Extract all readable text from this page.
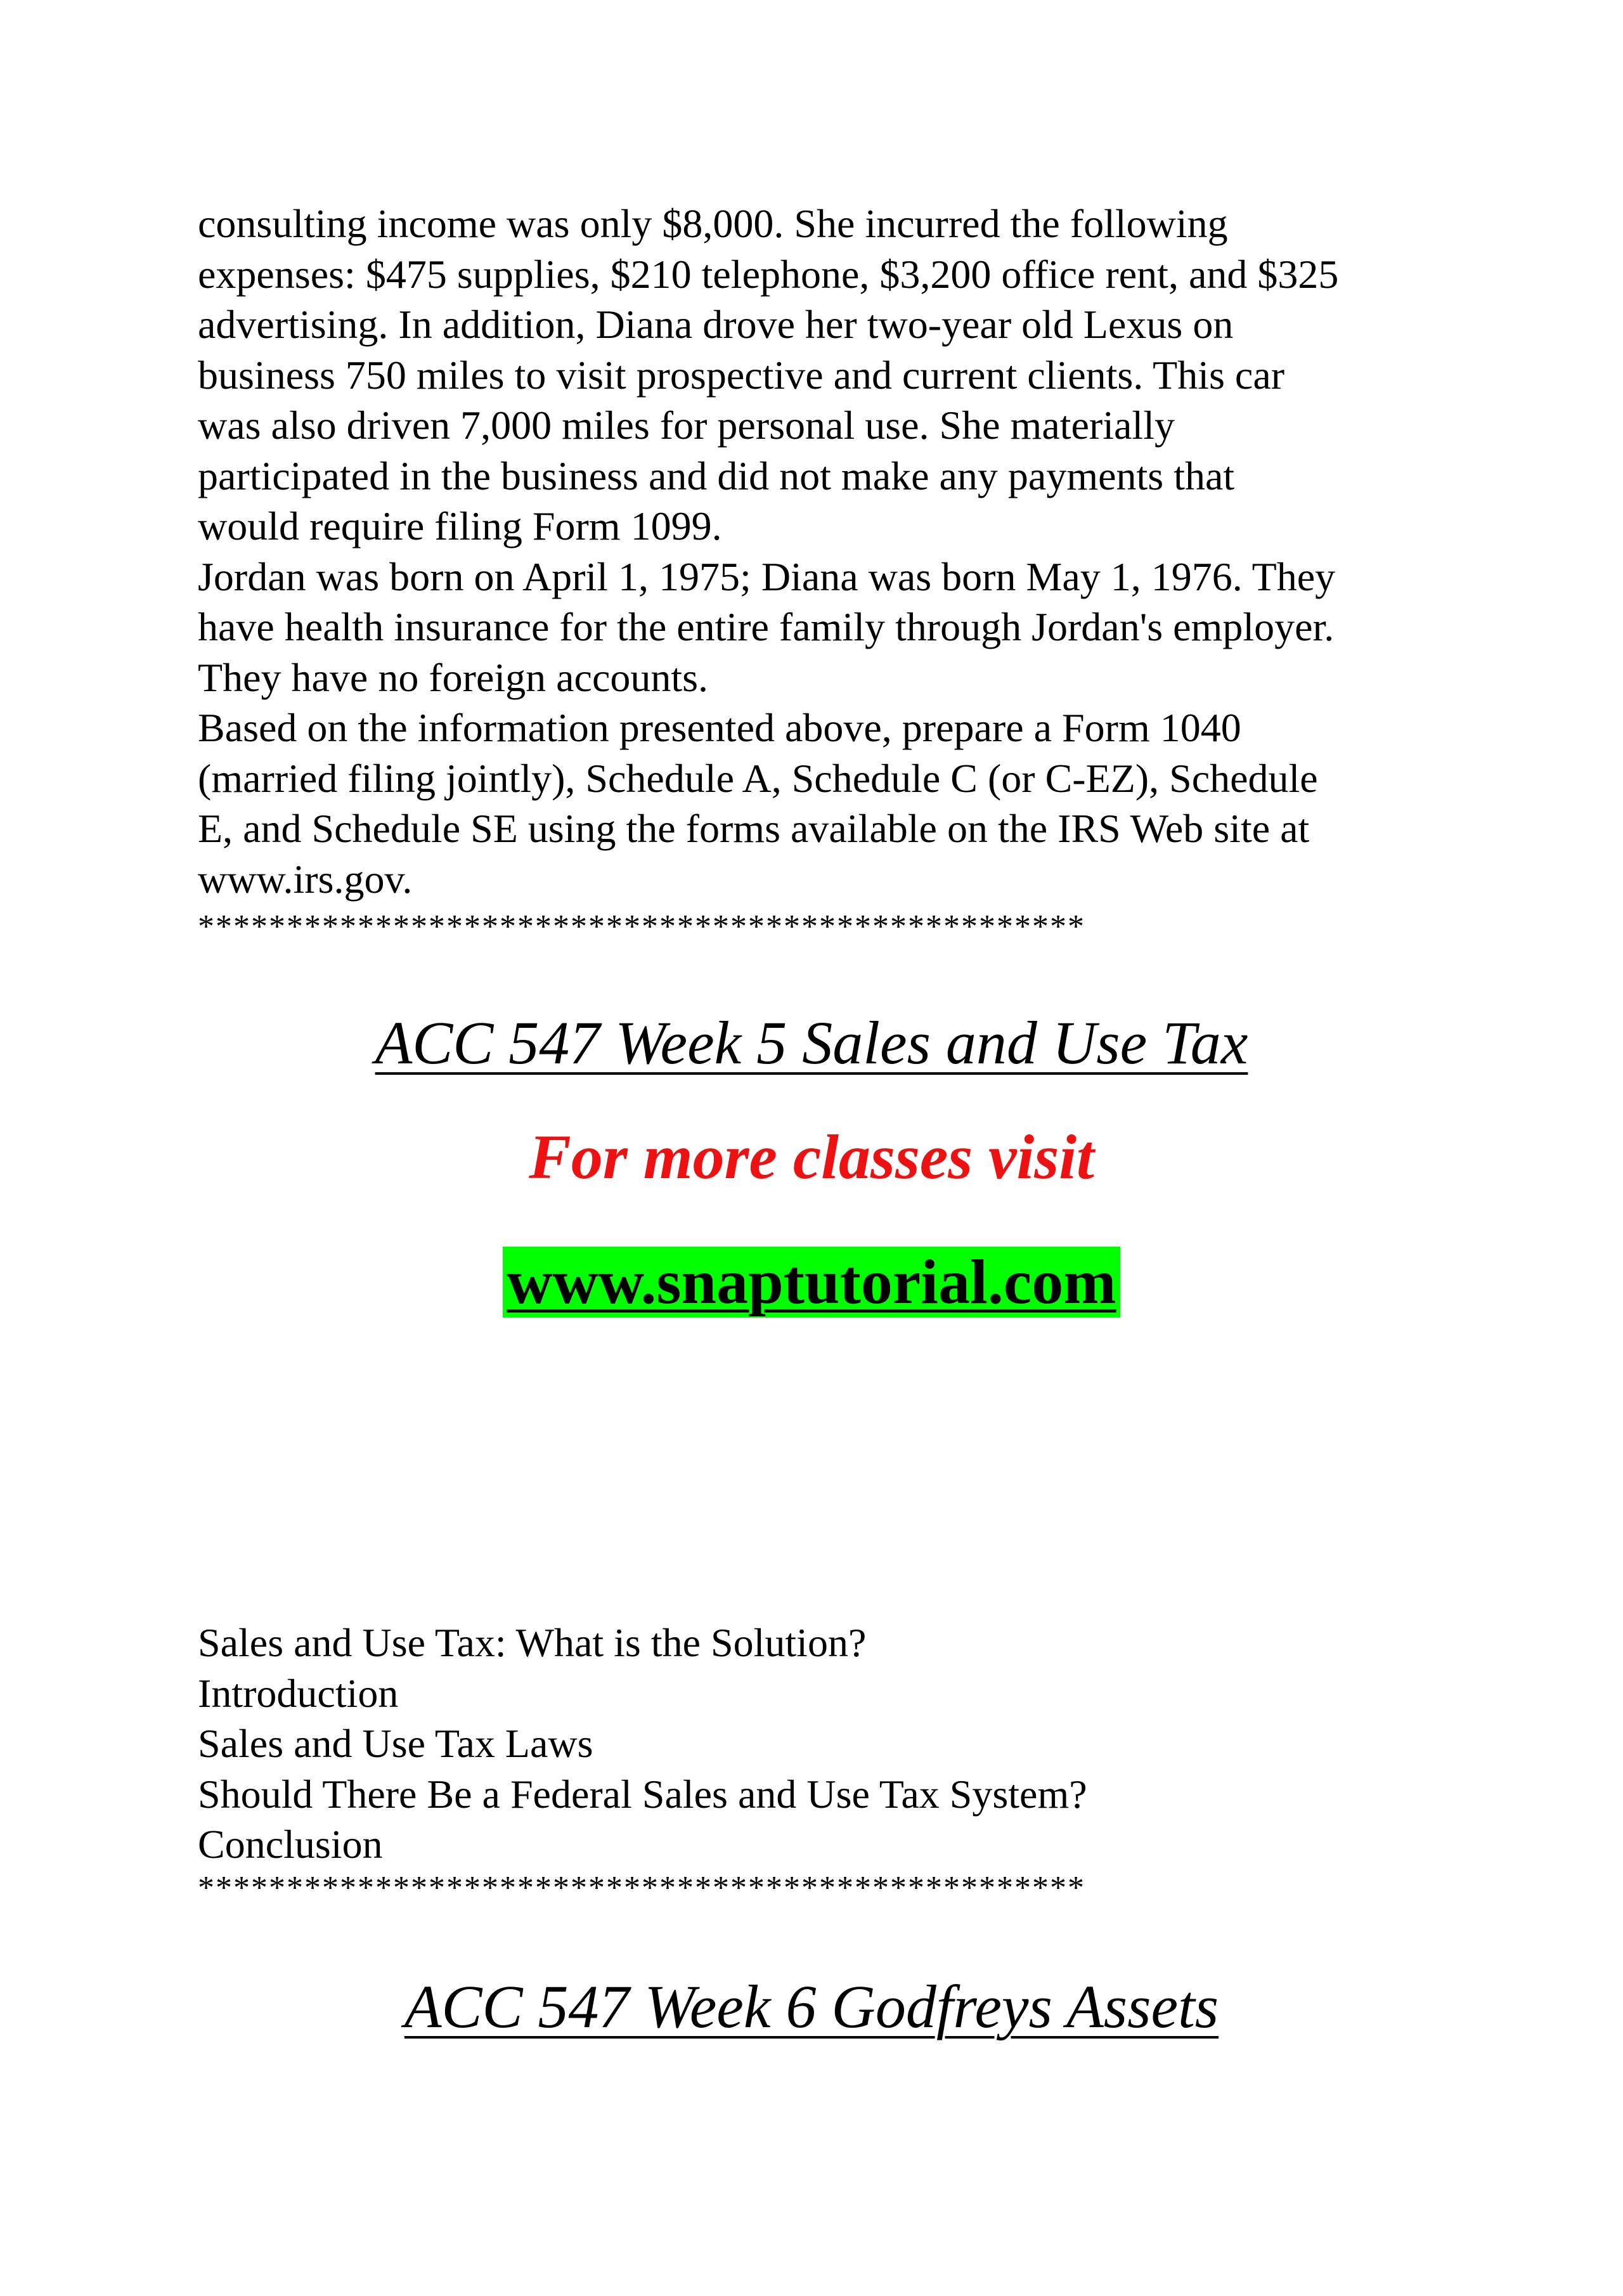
consulting income was only $8,000. She incurred the following
expenses: $475 supplies, $210 telephone, $3,200 office rent, and $325
advertising. In addition, Diana drove her two-year old Lexus on
business 750 miles to visit prospective and current clients. This car
was also driven 7,000 miles for personal use. She materially
participated in the business and did not make any payments that
would require filing Form 1099.
Jordan was born on April 1, 1975; Diana was born May 1, 1976. They
have health insurance for the entire family through Jordan's employer.
They have no foreign accounts.
Based on the information presented above, prepare a Form 1040
(married filing jointly), Schedule A, Schedule C (or C-EZ), Schedule
E, and Schedule SE using the forms available on the IRS Web site at
www.irs.gov.
**************************************************
ACC 547 Week 5 Sales and Use Tax
For more classes visit
www.snaptutorial.com
Sales and Use Tax: What is the Solution?
Introduction
Sales and Use Tax Laws
Should There Be a Federal Sales and Use Tax System?
Conclusion
**************************************************
ACC 547 Week 6 Godfreys Assets
